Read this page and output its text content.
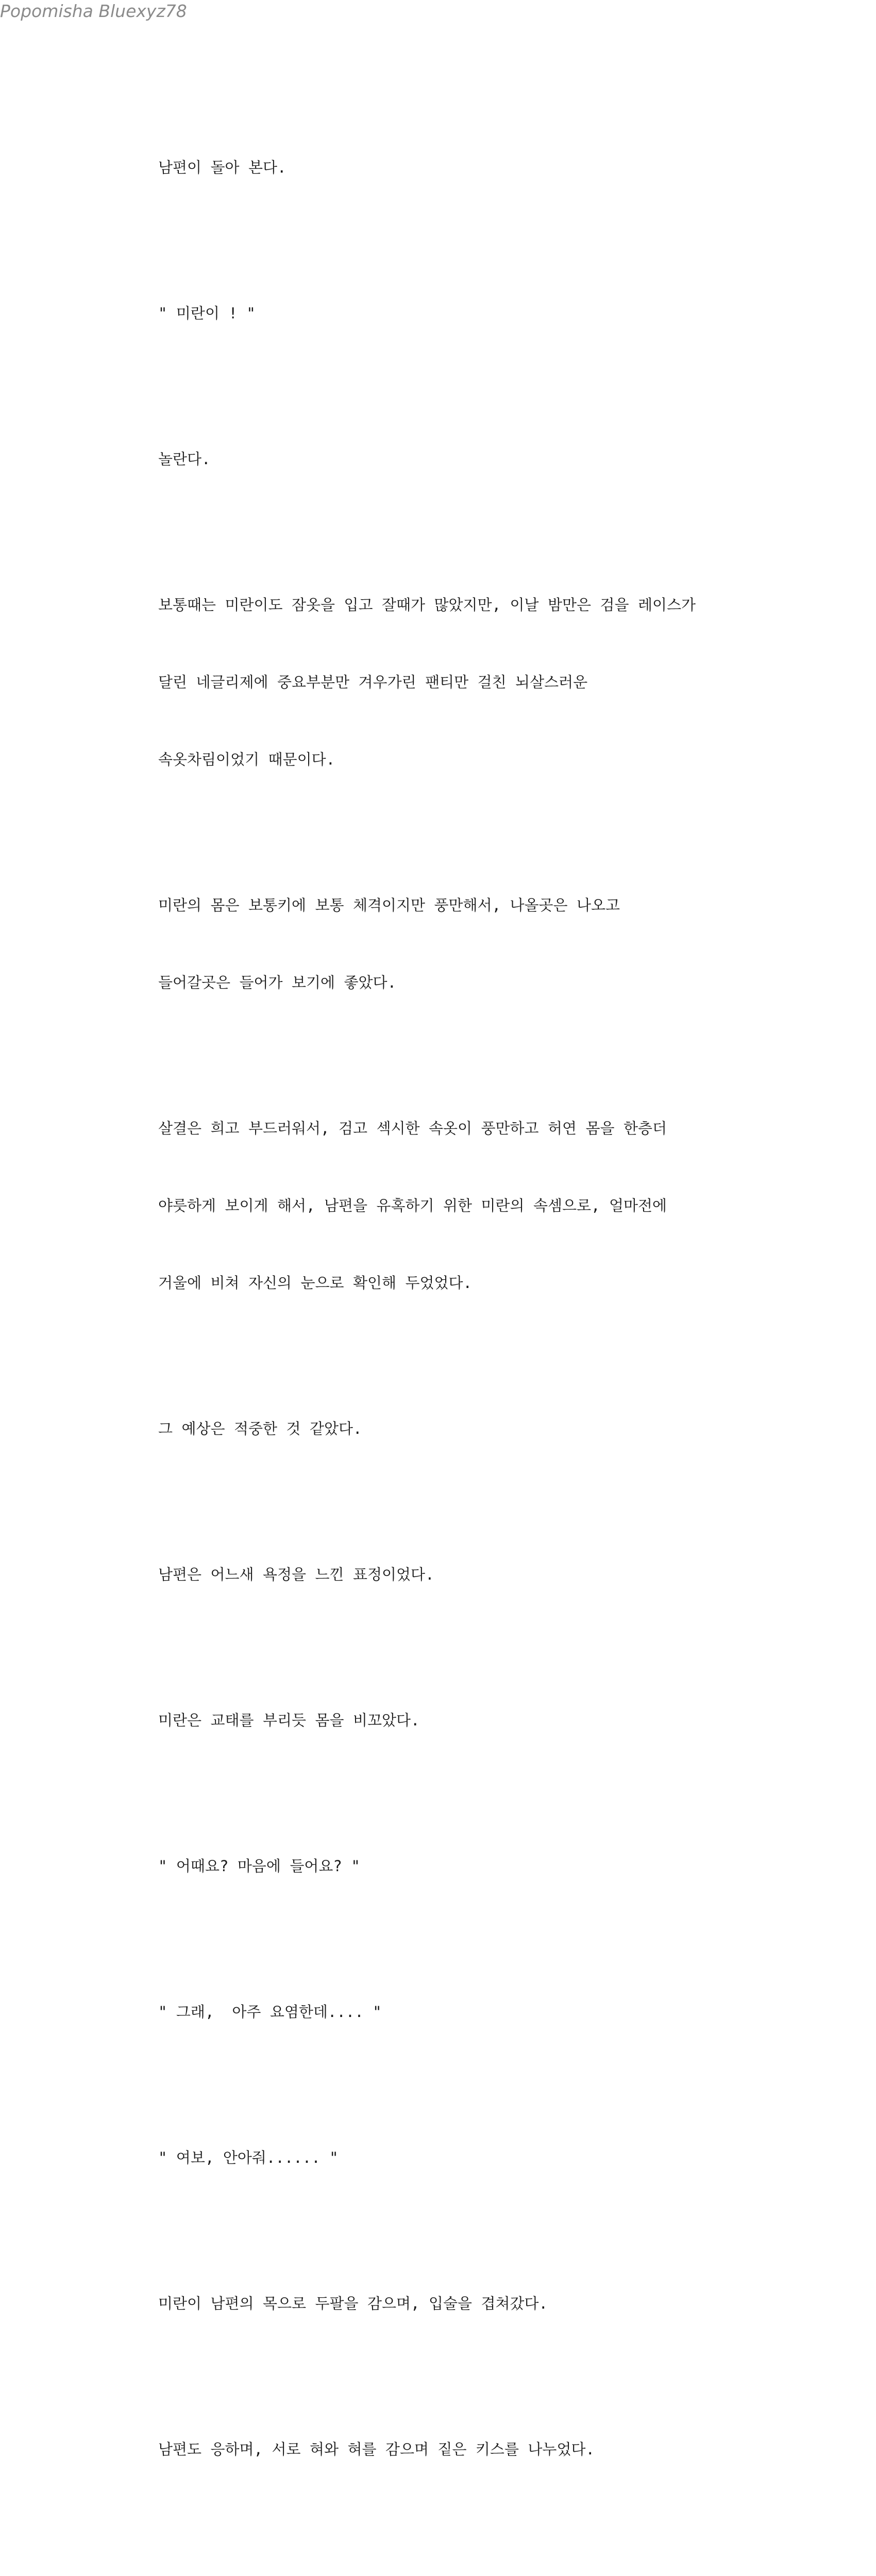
Popomisha Bluexyz78

남편이 돌아 본다.

" 미란이 ! "

놀란다.

보통때는 미란이도 잠옷을 입고 잘때가 많았지만, 이날 밤만은 검을 레이스가

달린 네글리제에 중요부분만 겨우가린 팬티만 걸친 뇌살스러운

속옷차림이었기 때문이다.

미란의 몸은 보통키에 보통 체격이지만 풍만해서, 나올곳은 나오고

들어갈곳은 들어가 보기에 좋았다.

살결은 희고 부드러워서, 검고 섹시한 속옷이 풍만하고 허연 몸을 한층더

야릇하게 보이게 해서, 남편을 유혹하기 위한 미란의 속셈으로, 얼마전에

거울에 비쳐 자신의 눈으로 확인해 두었었다.

그 예상은 적중한 것 같았다.

남편은 어느새 욕정을 느낀 표정이었다.

미란은 교태를 부리듯 몸을 비꼬았다.

" 어때요? 마음에 들어요? "

" 그래,  아주 요염한데.... "

" 여보, 안아줘...... "

미란이 남편의 목으로 두팔을 감으며, 입술을 겹쳐갔다.

남편도 응하며, 서로 혀와 혀를 감으며 짙은 키스를 나누었다.
